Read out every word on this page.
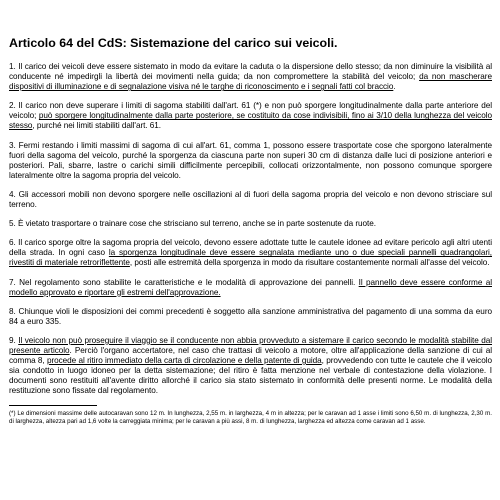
Articolo 64 del CdS: Sistemazione del carico sui veicoli.

1. Il carico dei veicoli deve essere sistemato in modo da evitare la caduta o la dispersione dello stesso; da non diminuire la visibilità al conducente né impedirgli la libertà dei movimenti nella guida; da non compromettere la stabilità del veicolo; da non mascherare dispositivi di illuminazione e di segnalazione visiva né le targhe di riconoscimento e i segnali fatti col braccio.

2. Il carico non deve superare i limiti di sagoma stabiliti dall'art. 61 (*) e non può sporgere longitudinalmente dalla parte anteriore del veicolo; può sporgere longitudinalmente dalla parte posteriore, se costituito da cose indivisibili, fino ai 3/10 della lunghezza del veicolo stesso, purché nei limiti stabiliti dall'art. 61.

3. Fermi restando i limiti massimi di sagoma di cui all'art. 61, comma 1, possono essere trasportate cose che sporgono lateralmente fuori della sagoma del veicolo, purché la sporgenza da ciascuna parte non superi 30 cm di distanza dalle luci di posizione anteriori e posteriori. Pali, sbarre, lastre o carichi simili difficilmente percepibili, collocati orizzontalmente, non possono comunque sporgere lateralmente oltre la sagoma propria del veicolo.

4. Gli accessori mobili non devono sporgere nelle oscillazioni al di fuori della sagoma propria del veicolo e non devono strisciare sul terreno.

5. È vietato trasportare o trainare cose che strisciano sul terreno, anche se in parte sostenute da ruote.

6. Il carico sporge oltre la sagoma propria del veicolo, devono essere adottate tutte le cautele idonee ad evitare pericolo agli altri utenti della strada. In ogni caso la sporgenza longitudinale deve essere segnalata mediante uno o due speciali pannelli quadrangolari, rivestiti di materiale retroriflettente, posti alle estremità della sporgenza in modo da risultare costantemente normali all'asse del veicolo.

7. Nel regolamento sono stabilite le caratteristiche e le modalità di approvazione dei pannelli. Il pannello deve essere conforme al modello approvato e riportare gli estremi dell'approvazione.

8. Chiunque violi le disposizioni dei commi precedenti è soggetto alla sanzione amministrativa del pagamento di una somma da euro 84 a euro 335.

9. Il veicolo non può proseguire il viaggio se il conducente non abbia provveduto a sistemare il carico secondo le modalità stabilite dal presente articolo. Perciò l'organo accertatore, nel caso che trattasi di veicolo a motore, oltre all'applicazione della sanzione di cui al comma 8, procede al ritiro immediato della carta di circolazione e della patente di guida, provvedendo con tutte le cautele che il veicolo sia condotto in luogo idoneo per la detta sistemazione; del ritiro è fatta menzione nel verbale di contestazione della violazione. I documenti sono restituiti all'avente diritto allorché il carico sia stato sistemato in conformità delle presenti norme. Le modalità della restituzione sono fissate dal regolamento.

(*) Le dimensioni massime delle autocaravan sono 12 m. In lunghezza, 2,55 m. in larghezza, 4 m in altezza; per le caravan ad 1 asse i limiti sono 6,50 m. di lunghezza, 2,30 m. di larghezza, altezza pari ad 1,6 volte la carreggiata minima; per le caravan a più assi, 8 m. di lunghezza, larghezza ed altezza come caravan ad 1 asse.
